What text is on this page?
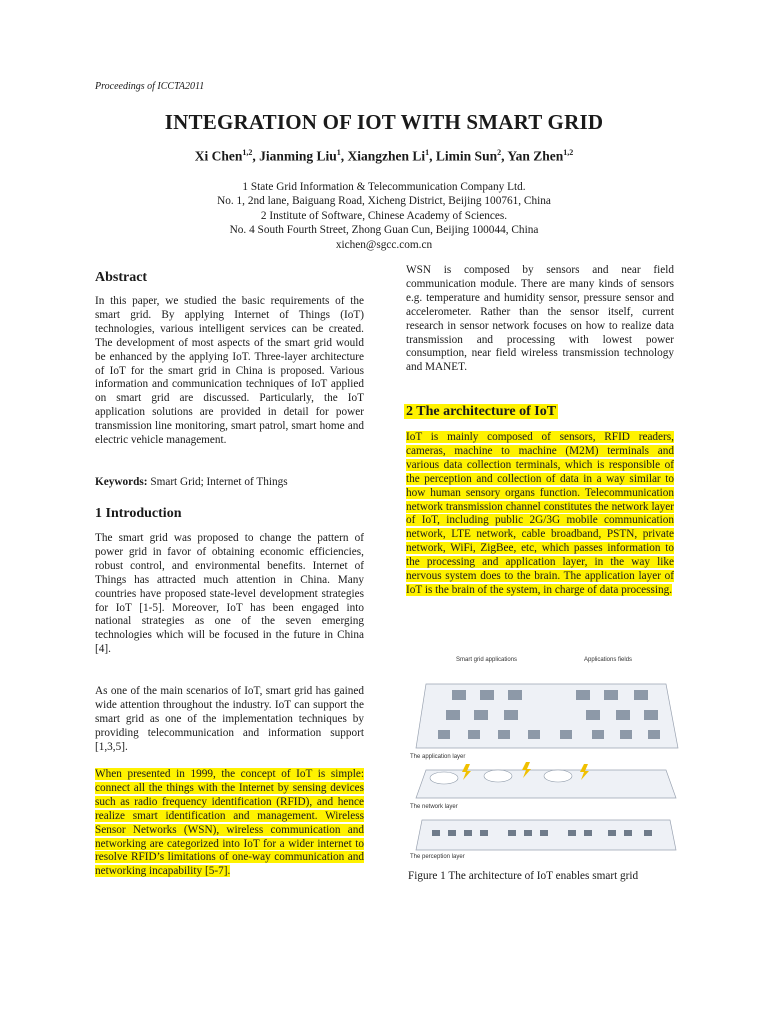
Proceedings of ICCTA2011
INTEGRATION OF IOT WITH SMART GRID
Xi Chen$^{1,2}$, Jianming Liu$^1$, Xiangzhen Li$^1$, Limin Sun$^2$, Yan Zhen$^{1,2}$
1 State Grid Information & Telecommunication Company Ltd.
No. 1, 2nd lane, Baiguang Road, Xicheng District, Beijing 100761, China
2 Institute of Software, Chinese Academy of Sciences.
No. 4 South Fourth Street, Zhong Guan Cun, Beijing 100044, China
xichen@sgcc.com.cn
Abstract

In this paper, we studied the basic requirements of the smart grid. By applying Internet of Things (IoT) technologies, various intelligent services can be created. The development of most aspects of the smart grid would be enhanced by the applying IoT. Three-layer architecture of IoT for the smart grid in China is proposed. Various information and communication techniques of IoT applied on smart grid are discussed. Particularly, the IoT application solutions are provided in detail for power transmission line monitoring, smart patrol, smart home and electric vehicle management.

Keywords: Smart Grid; Internet of Things
1 Introduction

The smart grid was proposed to change the pattern of power grid in favor of obtaining economic efficiencies, robust control, and environmental benefits. Internet of Things has attracted much attention in China. Many countries have proposed state-level development strategies for IoT [1-5]. Moreover, IoT has been engaged into national strategies as one of the seven emerging technologies which will be focused in the future in China [4].

As one of the main scenarios of IoT, smart grid has gained wide attention throughout the industry. IoT can support the smart grid as one of the implementation techniques by providing telecommunication and information support [1,3,5].

When presented in 1999, the concept of IoT is simple: connect all the things with the Internet by sensing devices such as radio frequency identification (RFID), and hence realize smart identification and management. Wireless Sensor Networks (WSN), wireless communication and networking are categorized into IoT for a wider internet to resolve RFID’s limitations of one-way communication and networking incapability [5-7].

WSN is composed by sensors and near field communication module. There are many kinds of sensors e.g. temperature and humidity sensor, pressure sensor and accelerometer. Rather than the sensor itself, current research in sensor network focuses on how to realize data transmission and processing with lowest power consumption, near field wireless transmission technology and MANET.

2 The architecture of IoT

IoT is mainly composed of sensors, RFID readers, cameras, machine to machine (M2M) terminals and various data collection terminals, which is responsible of the perception and collection of data in a way similar to how human sensory organs function. Telecommunication network transmission channel constitutes the network layer of IoT, including public 2G/3G mobile communication network, LTE network, cable broadband, PSTN, private network, WiFi, ZigBee, etc, which passes information to the processing and application layer, in the way like nervous system does to the brain. The application layer of IoT is the brain of the system, in charge of data processing.

Smart grid applications	Applications fields
The application layer
The network layer
The perception layer
Figure 1 The architecture of IoT enables smart grid
